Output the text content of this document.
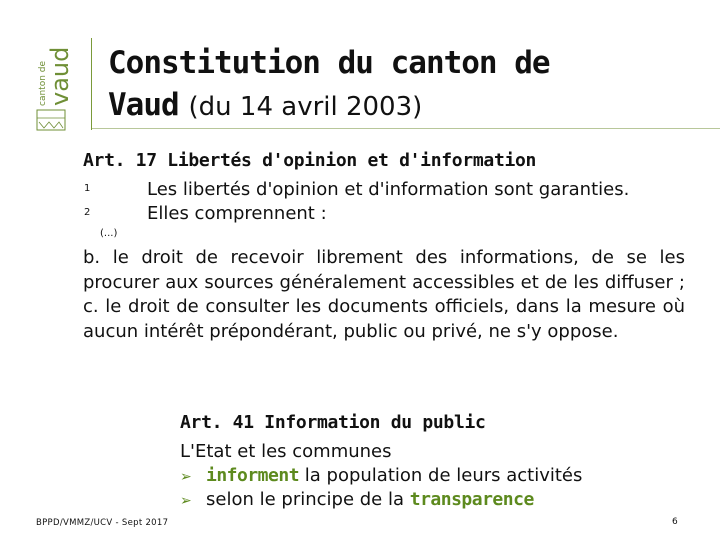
canton de
vaud Constitution du canton de
Vaud (du 14 avril 2003)
Art. 17 Libertés d'opinion et d'information
1	Les libertés d'opinion et d'information sont garanties.
2	Elles comprennent :
(...)
b. le droit de recevoir librement des informations, de se les procurer aux sources généralement accessibles et de les diffuser ; c. le droit de consulter les documents officiels, dans la mesure où aucun intérêt prépondérant, public ou privé, ne s'y oppose.
Art. 41 Information du public
L'Etat et les communes
➢ informent la population de leurs activités
➢ selon le principe de la transparence
BPPD/VMMZ/UCV - Sept 2017	6
